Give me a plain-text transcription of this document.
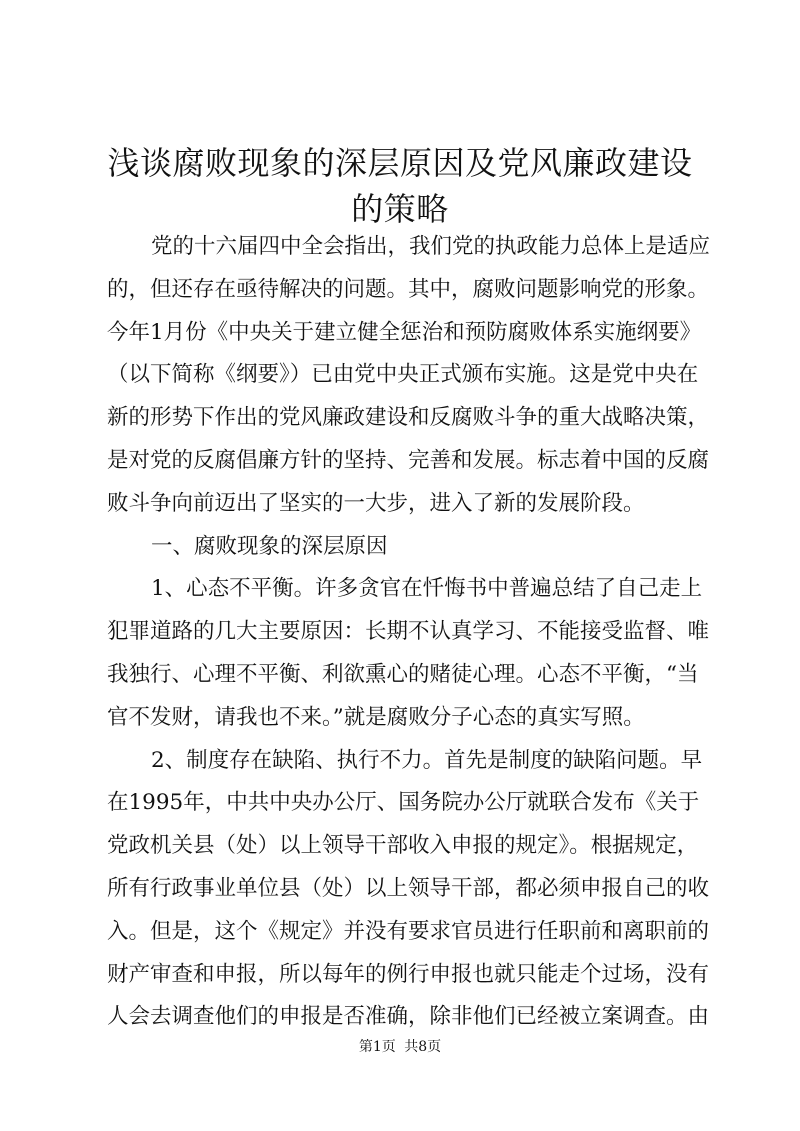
浅谈腐败现象的深层原因及党风廉政建设的策略
党的十六届四中全会指出，我们党的执政能力总体上是适应
的，但还存在亟待解决的问题。其中，腐败问题影响党的形象。
今年1月份《中央关于建立健全惩治和预防腐败体系实施纲要》
（以下简称《纲要》）已由党中央正式颁布实施。这是党中央在
新的形势下作出的党风廉政建设和反腐败斗争的重大战略决策，
是对党的反腐倡廉方针的坚持、完善和发展。标志着中国的反腐
败斗争向前迈出了坚实的一大步，进入了新的发展阶段。
一、腐败现象的深层原因
1、心态不平衡。许多贪官在忏悔书中普遍总结了自己走上
犯罪道路的几大主要原因：长期不认真学习、不能接受监督、唯
我独行、心理不平衡、利欲熏心的赌徒心理。心态不平衡，“当
官不发财，请我也不来。”就是腐败分子心态的真实写照。
2、制度存在缺陷、执行不力。首先是制度的缺陷问题。早
在1995年，中共中央办公厅、国务院办公厅就联合发布《关于
党政机关县（处）以上领导干部收入申报的规定》。根据规定，
所有行政事业单位县（处）以上领导干部，都必须申报自己的收
入。但是，这个《规定》并没有要求官员进行任职前和离职前的
财产审查和申报，所以每年的例行申报也就只能走个过场，没有
人会去调查他们的申报是否准确，除非他们已经被立案调查。由
第1页 共8页
